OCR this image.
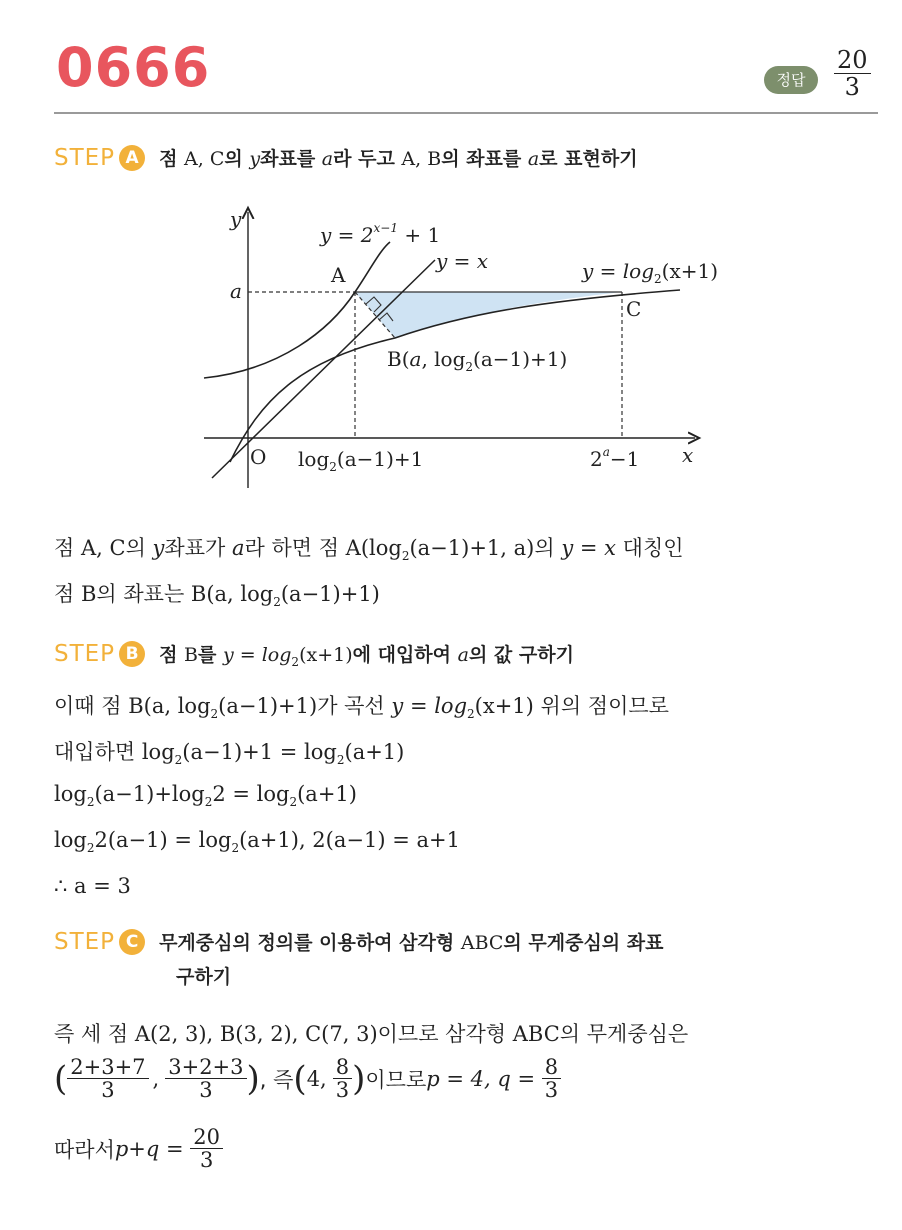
0666	정답	$\frac{20}{3}$
STEP A 점 A, C의 y좌표를 a라 두고 A, B의 좌표를 a로 표현하기
y
x
O
a
$y = 2^{x-1} + 1$
y = x	$y = \log_2(x+1)$
A
C
B(a, $\log_2(a-1)+1$)
$\log_2(a-1)+1$	$2^a-1$
점 A, C의 y좌표가 a라 하면 점 $A(\log_2(a-1)+1$, a)의 y = x 대칭인
점 B의 좌표는 B(a, $\log_2(a-1)+1$)
STEP B 점 B를 $y = \log_2(x+1)$에 대입하여 a의 값 구하기
이때 점 B(a, $\log_2(a-1)+1$)가 곡선 $y = \log_2(x+1)$ 위의 점이므로
대입하면 $\log_2(a-1)+1 = \log_2(a+1)$
$\log_2(a-1)+\log_22 = \log_2(a+1)$
$\log_22(a-1) = \log_2(a+1)$, 2(a−1) = a+1
∴ a = 3
STEP C 무게중심의 정의를 이용하여 삼각형 ABC의 무게중심의 좌표
구하기
즉 세 점 A(2, 3), B(3, 2), C(7, 3)이므로 삼각형 ABC의 무게중심은
( $\frac{2+3+7}{3}$ , $\frac{3+2+3}{3}$ ) , 즉 ( 4, $\frac{8}{3}$ ) 이므로 p = 4, $q = \frac{8}{3}$
따라서 $p+q = \frac{20}{3}$
